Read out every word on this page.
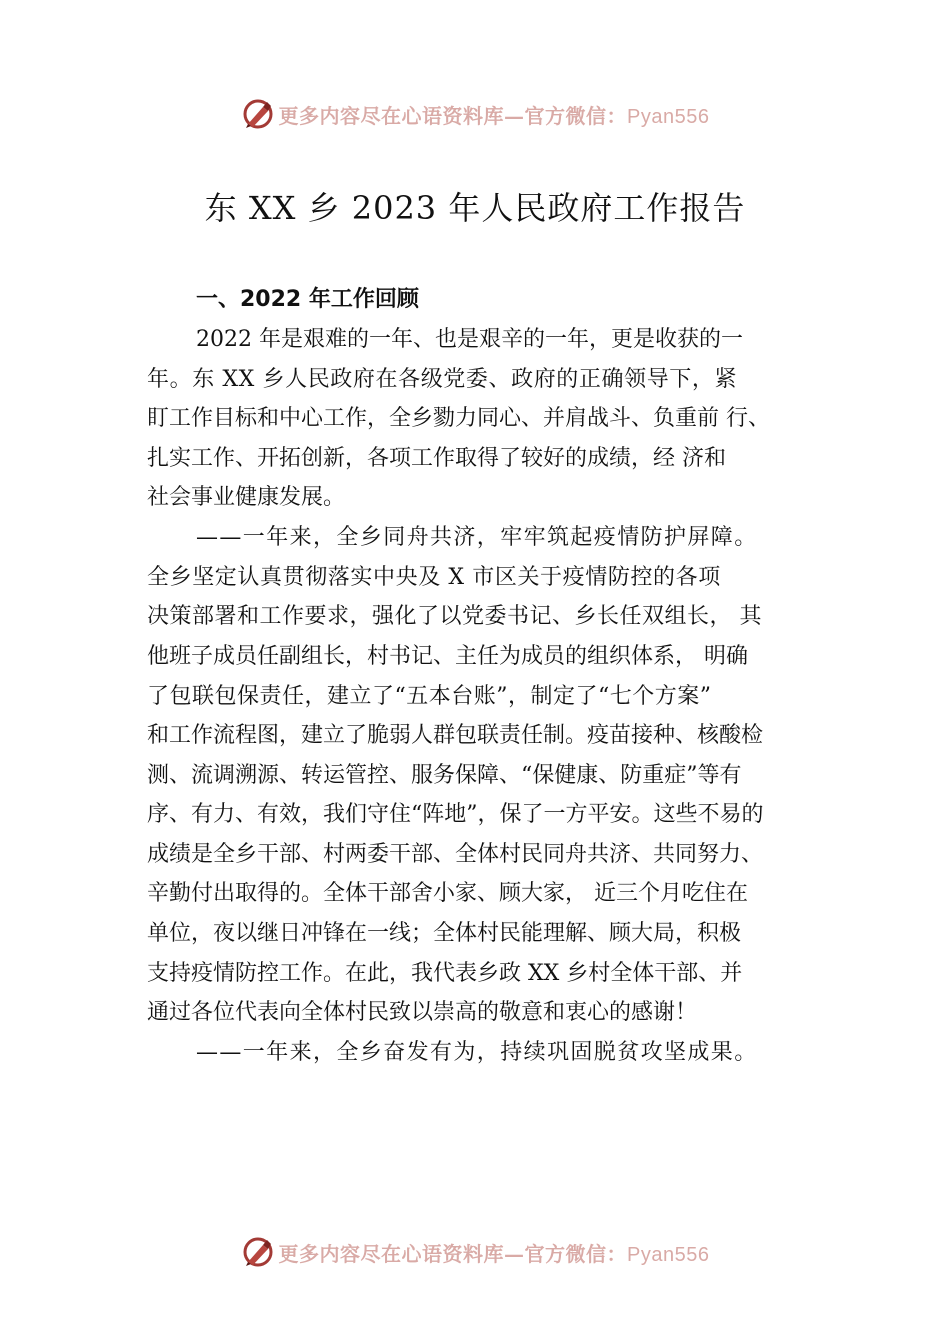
更多内容尽在心语资料库—官方微信：Pyan556
东 XX 乡 2023 年人民政府工作报告
一、2022 年工作回顾
2022 年是艰难的一年、也是艰辛的一年，更是收获的一
年。东 XX 乡人民政府在各级党委、政府的正确领导下，紧
盯工作目标和中心工作，全乡勠力同心、并肩战斗、负重前 行、
扎实工作、开拓创新，各项工作取得了较好的成绩，经 济和
社会事业健康发展。
——一年来，全乡同舟共济，牢牢筑起疫情防护屏障。
全乡坚定认真贯彻落实中央及 X 市区关于疫情防控的各项
决策部署和工作要求，强化了以党委书记、乡长任双组长， 其
他班子成员任副组长，村书记、主任为成员的组织体系， 明确
了包联包保责任，建立了“五本台账”，制定了“七个方案”
和工作流程图，建立了脆弱人群包联责任制。疫苗接种、核酸检
测、流调溯源、转运管控、服务保障、“保健康、防重症”等有
序、有力、有效，我们守住“阵地”，保了一方平安。这些不易的
成绩是全乡干部、村两委干部、全体村民同舟共济、共同努力、
辛勤付出取得的。全体干部舍小家、顾大家， 近三个月吃住在
单位，夜以继日冲锋在一线；全体村民能理解、顾大局，积极
支持疫情防控工作。在此，我代表乡政 XX 乡村全体干部、并
通过各位代表向全体村民致以崇高的敬意和衷心的感谢！
——一年来，全乡奋发有为，持续巩固脱贫攻坚成果。
更多内容尽在心语资料库—官方微信：Pyan556
